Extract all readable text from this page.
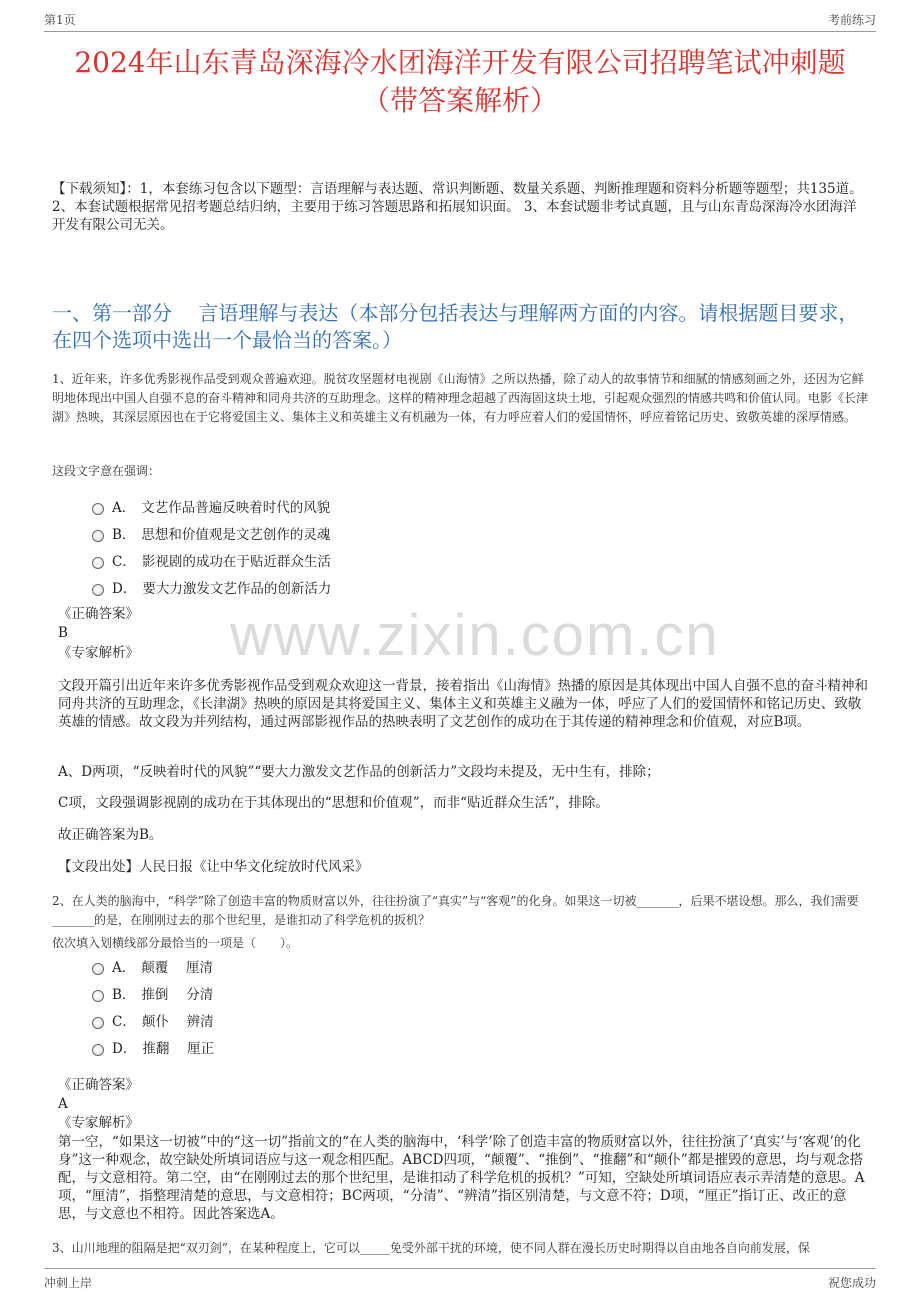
第1页	考前练习
2024年山东青岛深海冷水团海洋开发有限公司招聘笔试冲刺题
（带答案解析）
【下载须知】：1，本套练习包含以下题型：言语理解与表达题、常识判断题、数量关系题、判断推理题和资料分析题等题型；共135道。 2、本套试题根据常见招考题总结归纳，主要用于练习答题思路和拓展知识面。 3、本套试题非考试真题，且与山东青岛深海冷水团海洋开发有限公司无关。
一、第一部分　 言语理解与表达（本部分包括表达与理解两方面的内容。请根据题目要求，在四个选项中选出一个最恰当的答案。）
1、近年来，许多优秀影视作品受到观众普遍欢迎。脱贫攻坚题材电视剧《山海情》之所以热播，除了动人的故事情节和细腻的情感刻画之外，还因为它鲜明地体现出中国人自强不息的奋斗精神和同舟共济的互助理念。这样的精神理念超越了西海固这块土地，引起观众强烈的情感共鸣和价值认同。电影《长津湖》热映，其深层原因也在于它将爱国主义、集体主义和英雄主义有机融为一体，有力呼应着人们的爱国情怀，呼应着铭记历史、致敬英雄的深厚情感。
这段文字意在强调：
A． 文艺作品普遍反映着时代的风貌
B． 思想和价值观是文艺创作的灵魂
C． 影视剧的成功在于贴近群众生活
D． 要大力激发文艺作品的创新活力
《正确答案》
B
《专家解析》 www.zixin.com.cn
文段开篇引出近年来许多优秀影视作品受到观众欢迎这一背景，接着指出《山海情》热播的原因是其体现出中国人自强不息的奋斗精神和同舟共济的互助理念，《长津湖》热映的原因是其将爱国主义、集体主义和英雄主义融为一体，呼应了人们的爱国情怀和铭记历史、致敬英雄的情感。故文段为并列结构，通过两部影视作品的热映表明了文艺创作的成功在于其传递的精神理念和价值观，对应B项。
A、D两项，“反映着时代的风貌”“要大力激发文艺作品的创新活力”文段均未提及，无中生有，排除；
C项，文段强调影视剧的成功在于其体现出的“思想和价值观”，而非“贴近群众生活”，排除。
故正确答案为B。
【文段出处】人民日报《让中华文化绽放时代风采》
2、在人类的脑海中，“科学”除了创造丰富的物质财富以外，往往扮演了“真实”与“客观”的化身。如果这一切被_______，后果不堪设想。那么，我们需要_______的是，在刚刚过去的那个世纪里，是谁扣动了科学危机的扳机？
依次填入划横线部分最恰当的一项是（　　）。
A． 颠覆　 厘清
B． 推倒　 分清
C． 颠仆　 辨清
D． 推翻　 厘正
《正确答案》
A
《专家解析》
第一空，“如果这一切被”中的“这一切”指前文的“在人类的脑海中，‘科学’除了创造丰富的物质财富以外，往往扮演了‘真实’与‘客观’的化身”这一种观念，故空缺处所填词语应与这一观念相匹配。ABCD四项，“颠覆”、“推倒”、“推翻”和“颠仆”都是摧毁的意思，均与观念搭配，与文意相符。第二空，由“在刚刚过去的那个世纪里，是谁扣动了科学危机的扳机？”可知，空缺处所填词语应表示弄清楚的意思。A项，“厘清”，指整理清楚的意思，与文意相符；BC两项，“分清”、“辨清”指区别清楚，与文意不符；D项，“厘正”指订正、改正的意思，与文意也不相符。因此答案选A。
3、山川地理的阻隔是把“双刃剑”，在某种程度上，它可以_____免受外部干扰的环境，使不同人群在漫长历史时期得以自由地各自向前发展，保
冲刺上岸	祝您成功
